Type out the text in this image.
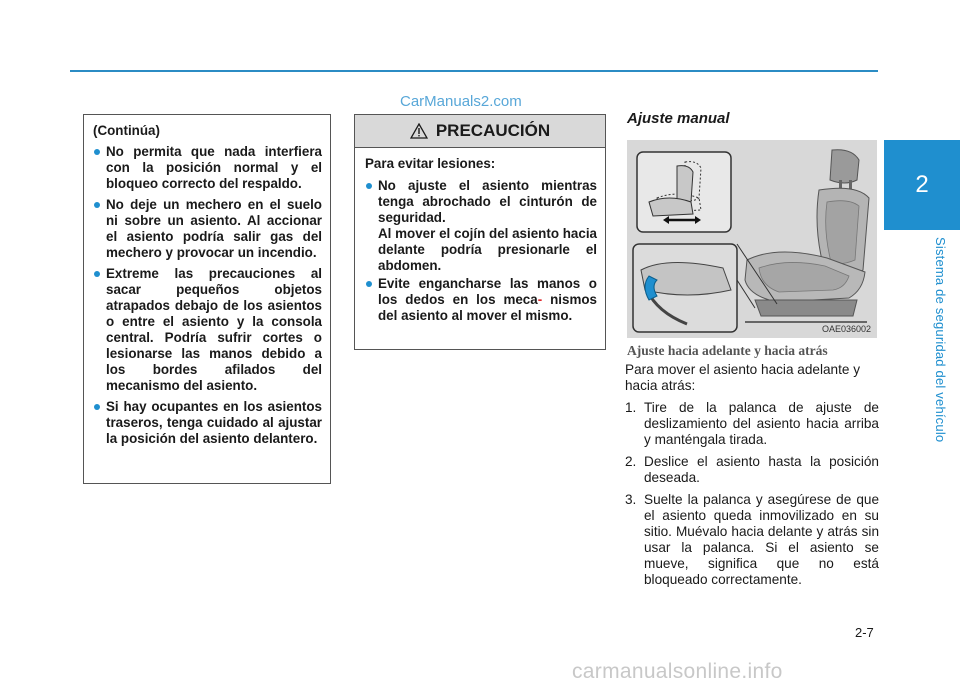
2
Sistema de seguridad del vehículo
CarManuals2.com
(Continúa)
No permita que nada interfiera con la posición normal y el bloqueo correcto del respaldo.
No deje un mechero en el suelo ni sobre un asiento. Al accionar el asiento podría salir gas del mechero y provocar un incendio.
Extreme las precauciones al sacar pequeños objetos atrapados debajo de los asientos o entre el asiento y la consola central. Podría sufrir cortes o lesionarse las manos debido a los bordes afilados del mecanismo del asiento.
Si hay ocupantes en los asientos traseros, tenga cuidado al ajustar la posición del asiento delantero.
PRECAUCIÓN
Para evitar lesiones:
No ajuste el asiento mientras tenga abrochado el cinturón de seguridad.
Al mover el cojín del asiento hacia delante podría presionarle el abdomen.
Evite engancharse las manos o los dedos en los meca- nismos del asiento al mover el mismo.
Ajuste manual
OAE036002
Ajuste hacia adelante y hacia atrás

Para mover el asiento hacia adelante y hacia atrás:

1. Tire de la palanca de ajuste de deslizamiento del asiento hacia arriba y manténgala tirada.
2. Deslice el asiento hasta la posición deseada.
3. Suelte la palanca y asegúrese de que el asiento queda inmovilizado en su sitio. Muévalo hacia delante y atrás sin usar la palanca. Si el asiento se mueve, significa que no está bloqueado correctamente.
2-7
carmanualsonline.info
